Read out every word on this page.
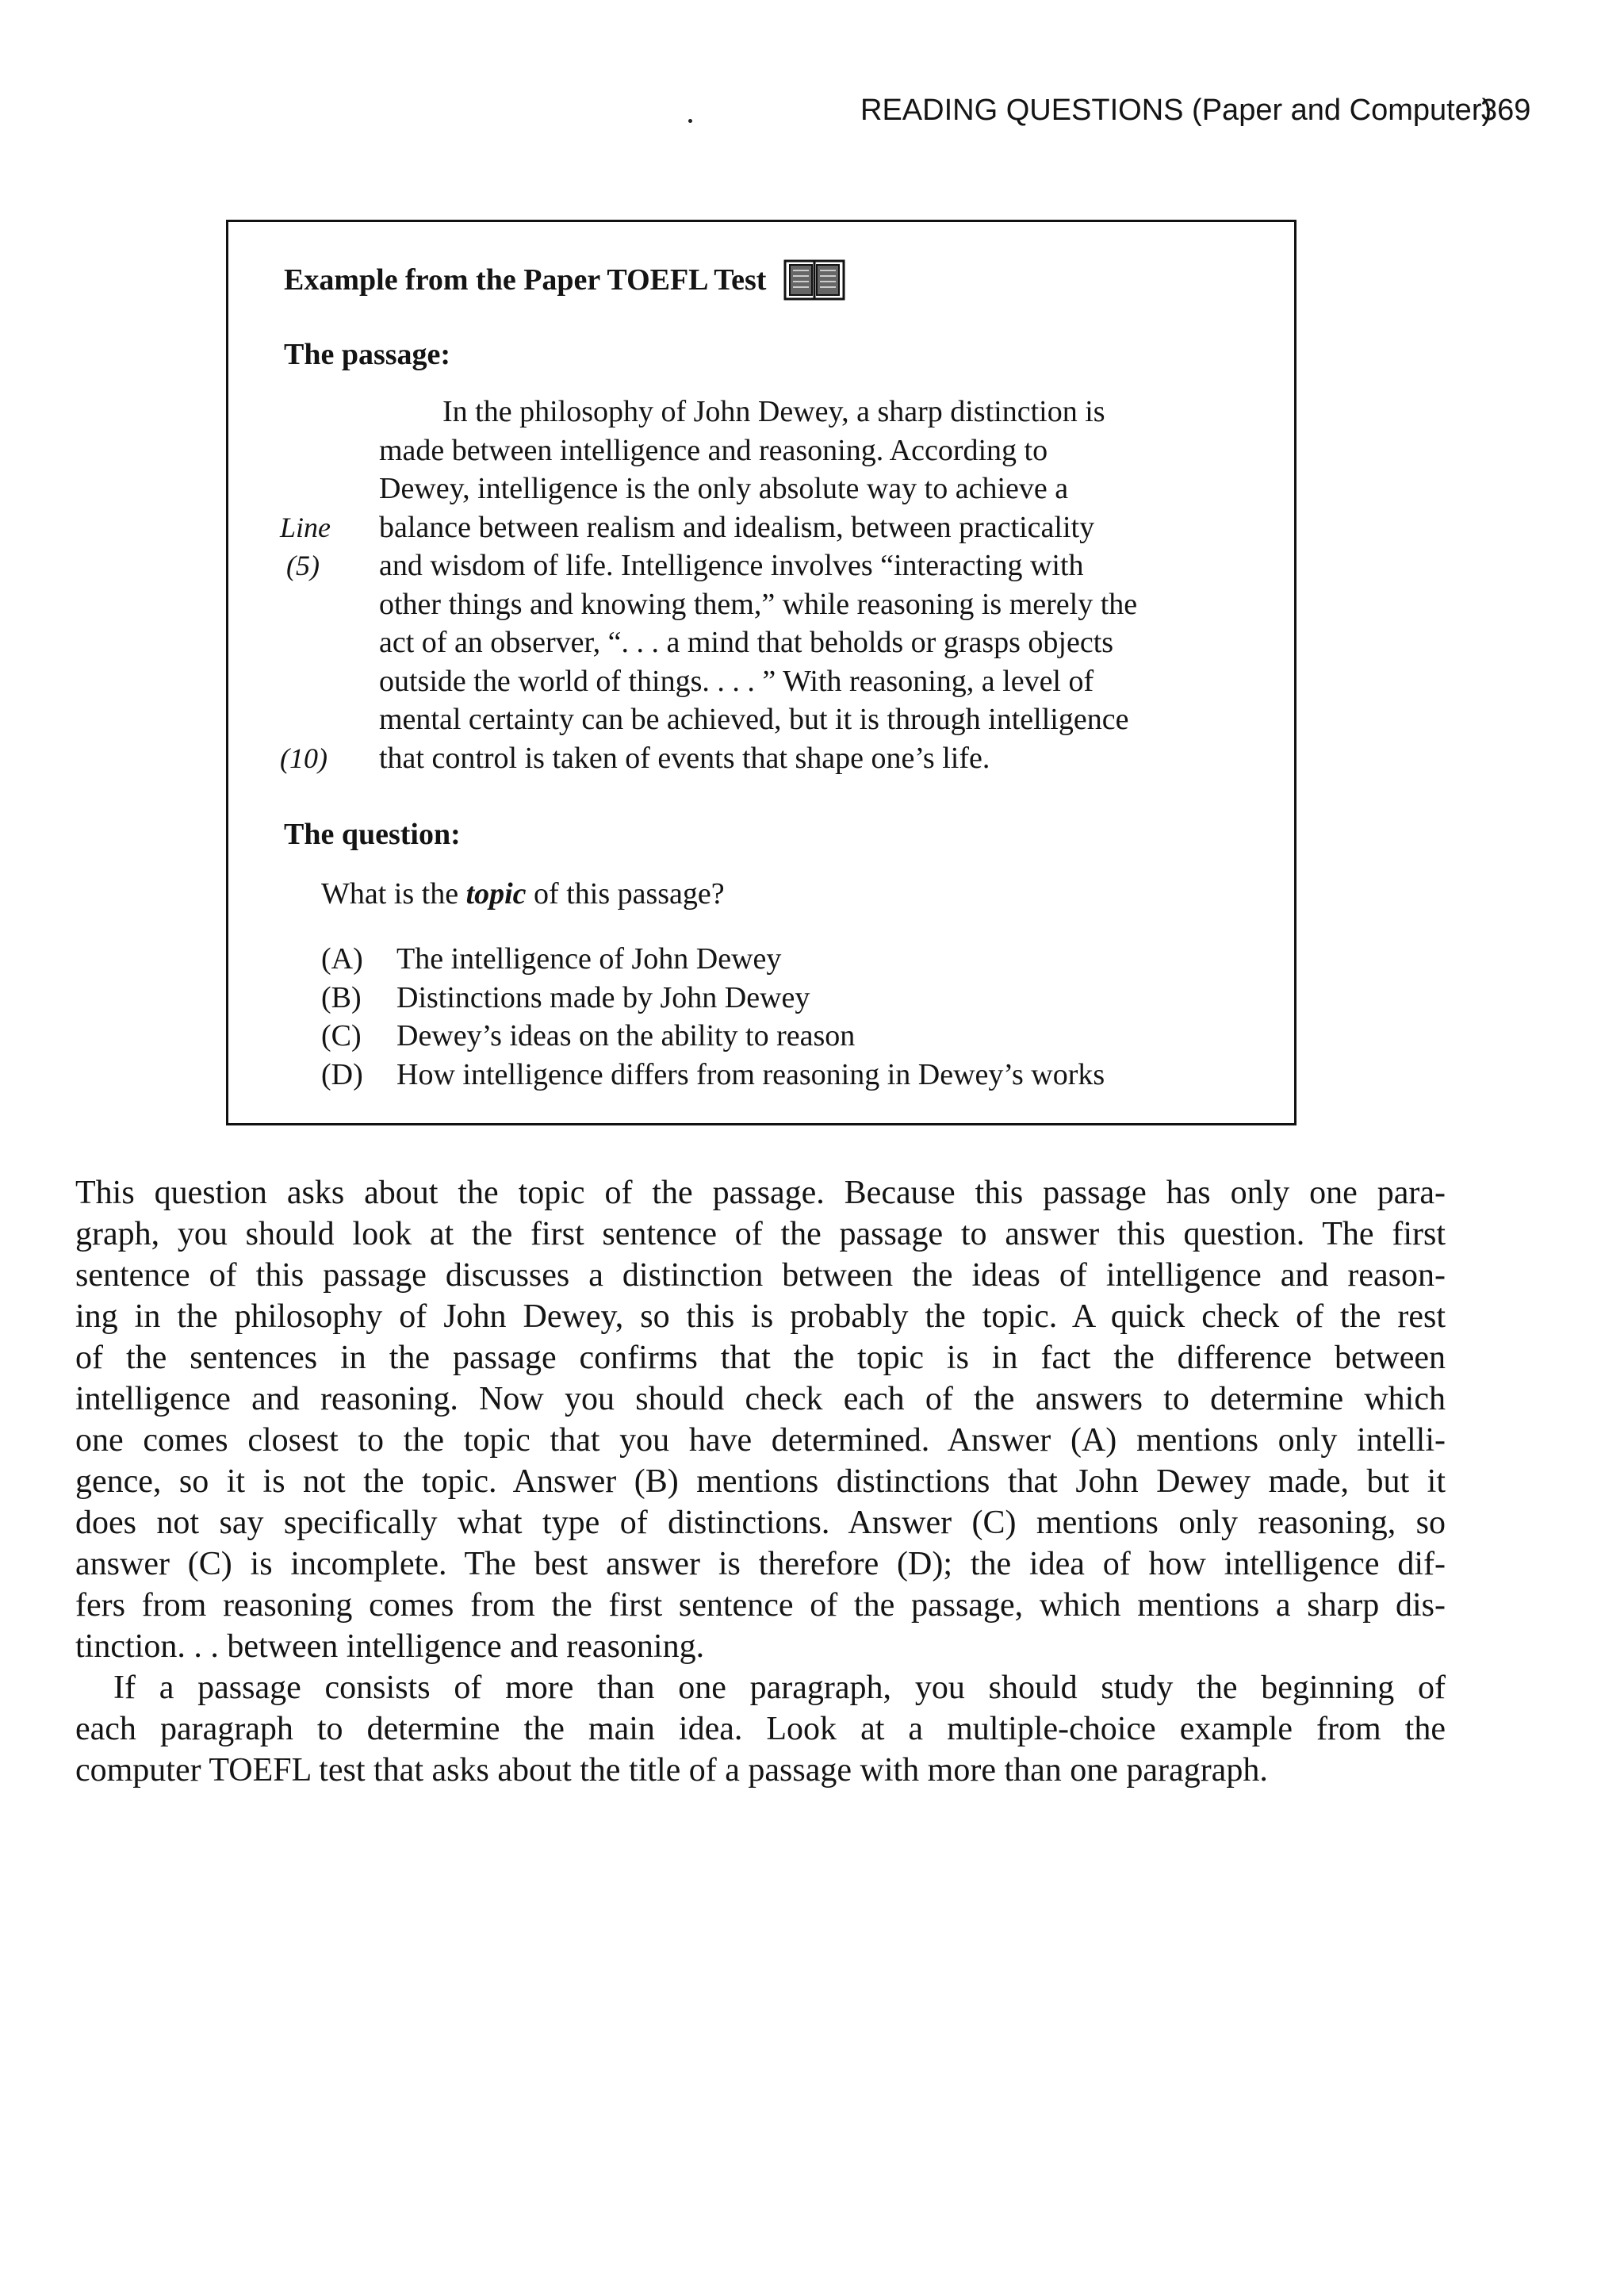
READING QUESTIONS (Paper and Computer)
369
Example from the Paper TOEFL Test
The passage:
Line
(5)
(10)
In the philosophy of John Dewey, a sharp distinction is
made between intelligence and reasoning. According to
Dewey, intelligence is the only absolute way to achieve a
balance between realism and idealism, between practicality
and wisdom of life. Intelligence involves “interacting with
other things and knowing them,” while reasoning is merely the
act of an observer, “. . . a mind that beholds or grasps objects
outside the world of things. . . . ” With reasoning, a level of
mental certainty can be achieved, but it is through intelligence
that control is taken of events that shape one’s life.
The question:
What is the topic of this passage?
(A)	The intelligence of John Dewey
(B)	Distinctions made by John Dewey
(C)	Dewey’s ideas on the ability to reason
(D)	How intelligence differs from reasoning in Dewey’s works
This question asks about the topic of the passage. Because this passage has only one para-
graph, you should look at the first sentence of the passage to answer this question. The first
sentence of this passage discusses a distinction between the ideas of intelligence and reason-
ing in the philosophy of John Dewey, so this is probably the topic. A quick check of the rest
of the sentences in the passage confirms that the topic is in fact the difference between
intelligence and reasoning. Now you should check each of the answers to determine which
one comes closest to the topic that you have determined. Answer (A) mentions only intelli-
gence, so it is not the topic. Answer (B) mentions distinctions that John Dewey made, but it
does not say specifically what type of distinctions. Answer (C) mentions only reasoning, so
answer (C) is incomplete. The best answer is therefore (D); the idea of how intelligence dif-
fers from reasoning comes from the first sentence of the passage, which mentions a sharp dis-
tinction. . . between intelligence and reasoning.
If a passage consists of more than one paragraph, you should study the beginning of
each paragraph to determine the main idea. Look at a multiple-choice example from the
computer TOEFL test that asks about the title of a passage with more than one paragraph.
